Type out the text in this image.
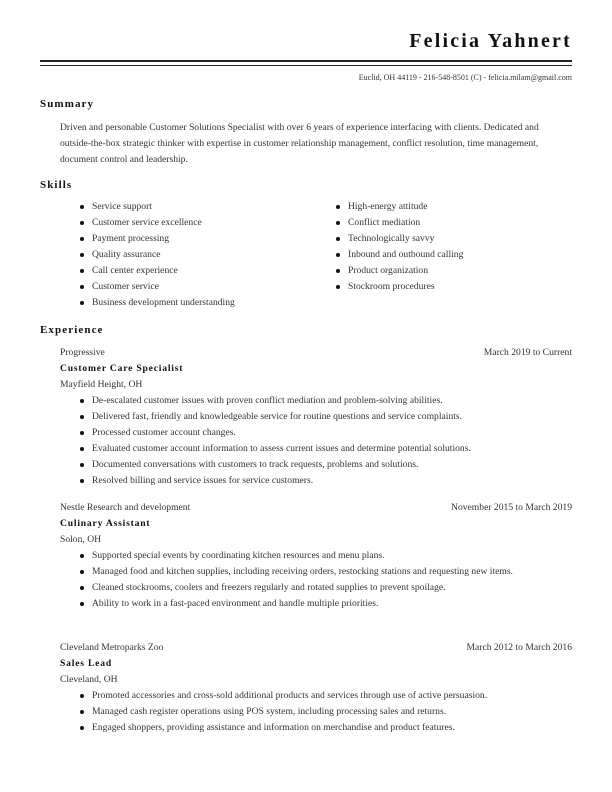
Felicia Yahnert
Euclid, OH 44119 - 216-548-8501 (C) - felicia.milam@gmail.com
Summary
Driven and personable Customer Solutions Specialist with over 6 years of experience interfacing with clients. Dedicated and outside-the-box strategic thinker with expertise in customer relationship management, conflict resolution, time management, document control and leadership.
Skills
Service support
Customer service excellence
Payment processing
Quality assurance
Call center experience
Customer service
Business development understanding
High-energy attitude
Conflict mediation
Technologically savvy
Inbound and outbound calling
Product organization
Stockroom procedures
Experience
Progressive	March 2019 to Current
Customer Care Specialist
Mayfield Height, OH
De-escalated customer issues with proven conflict mediation and problem-solving abilities.
Delivered fast, friendly and knowledgeable service for routine questions and service complaints.
Processed customer account changes.
Evaluated customer account information to assess current issues and determine potential solutions.
Documented conversations with customers to track requests, problems and solutions.
Resolved billing and service issues for service customers.
Nestle Research and development	November 2015 to March 2019
Culinary Assistant
Solon, OH
Supported special events by coordinating kitchen resources and menu plans.
Managed food and kitchen supplies, including receiving orders, restocking stations and requesting new items.
Cleaned stockrooms, coolers and freezers regularly and rotated supplies to prevent spoilage.
Ability to work in a fast-paced environment and handle multiple priorities.
Cleveland Metroparks Zoo	March 2012 to March 2016
Sales Lead
Cleveland, OH
Promoted accessories and cross-sold additional products and services through use of active persuasion.
Managed cash register operations using POS system, including processing sales and returns.
Engaged shoppers, providing assistance and information on merchandise and product features.
